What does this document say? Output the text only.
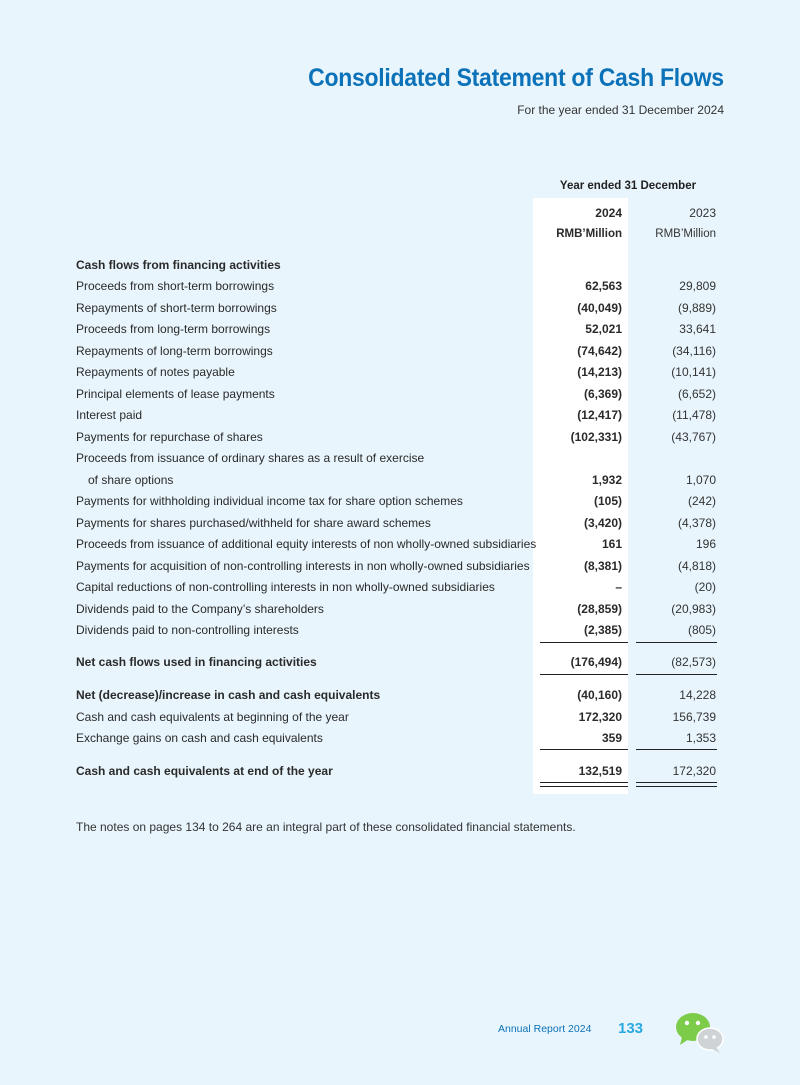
Consolidated Statement of Cash Flows
For the year ended 31 December 2024
Year ended 31 December
2024	2023
RMB’Million	RMB’Million
Cash flows from financing activities
Proceeds from short-term borrowings	62,563	29,809
Repayments of short-term borrowings	(40,049)	(9,889)
Proceeds from long-term borrowings	52,021	33,641
Repayments of long-term borrowings	(74,642)	(34,116)
Repayments of notes payable	(14,213)	(10,141)
Principal elements of lease payments	(6,369)	(6,652)
Interest paid	(12,417)	(11,478)
Payments for repurchase of shares	(102,331)	(43,767)
Proceeds from issuance of ordinary shares as a result of exercise
of share options	1,932	1,070
Payments for withholding individual income tax for share option schemes	(105)	(242)
Payments for shares purchased/withheld for share award schemes	(3,420)	(4,378)
Proceeds from issuance of additional equity interests of non wholly-owned subsidiaries	161	196
Payments for acquisition of non-controlling interests in non wholly-owned subsidiaries	(8,381)	(4,818)
Capital reductions of non-controlling interests in non wholly-owned subsidiaries	–	(20)
Dividends paid to the Company’s shareholders	(28,859)	(20,983)
Dividends paid to non-controlling interests	(2,385)	(805)
Net cash flows used in financing activities	(176,494)	(82,573)
Net (decrease)/increase in cash and cash equivalents	(40,160)	14,228
Cash and cash equivalents at beginning of the year	172,320	156,739
Exchange gains on cash and cash equivalents	359	1,353
Cash and cash equivalents at end of the year	132,519	172,320
The notes on pages 134 to 264 are an integral part of these consolidated financial statements.
Annual Report 2024 133
